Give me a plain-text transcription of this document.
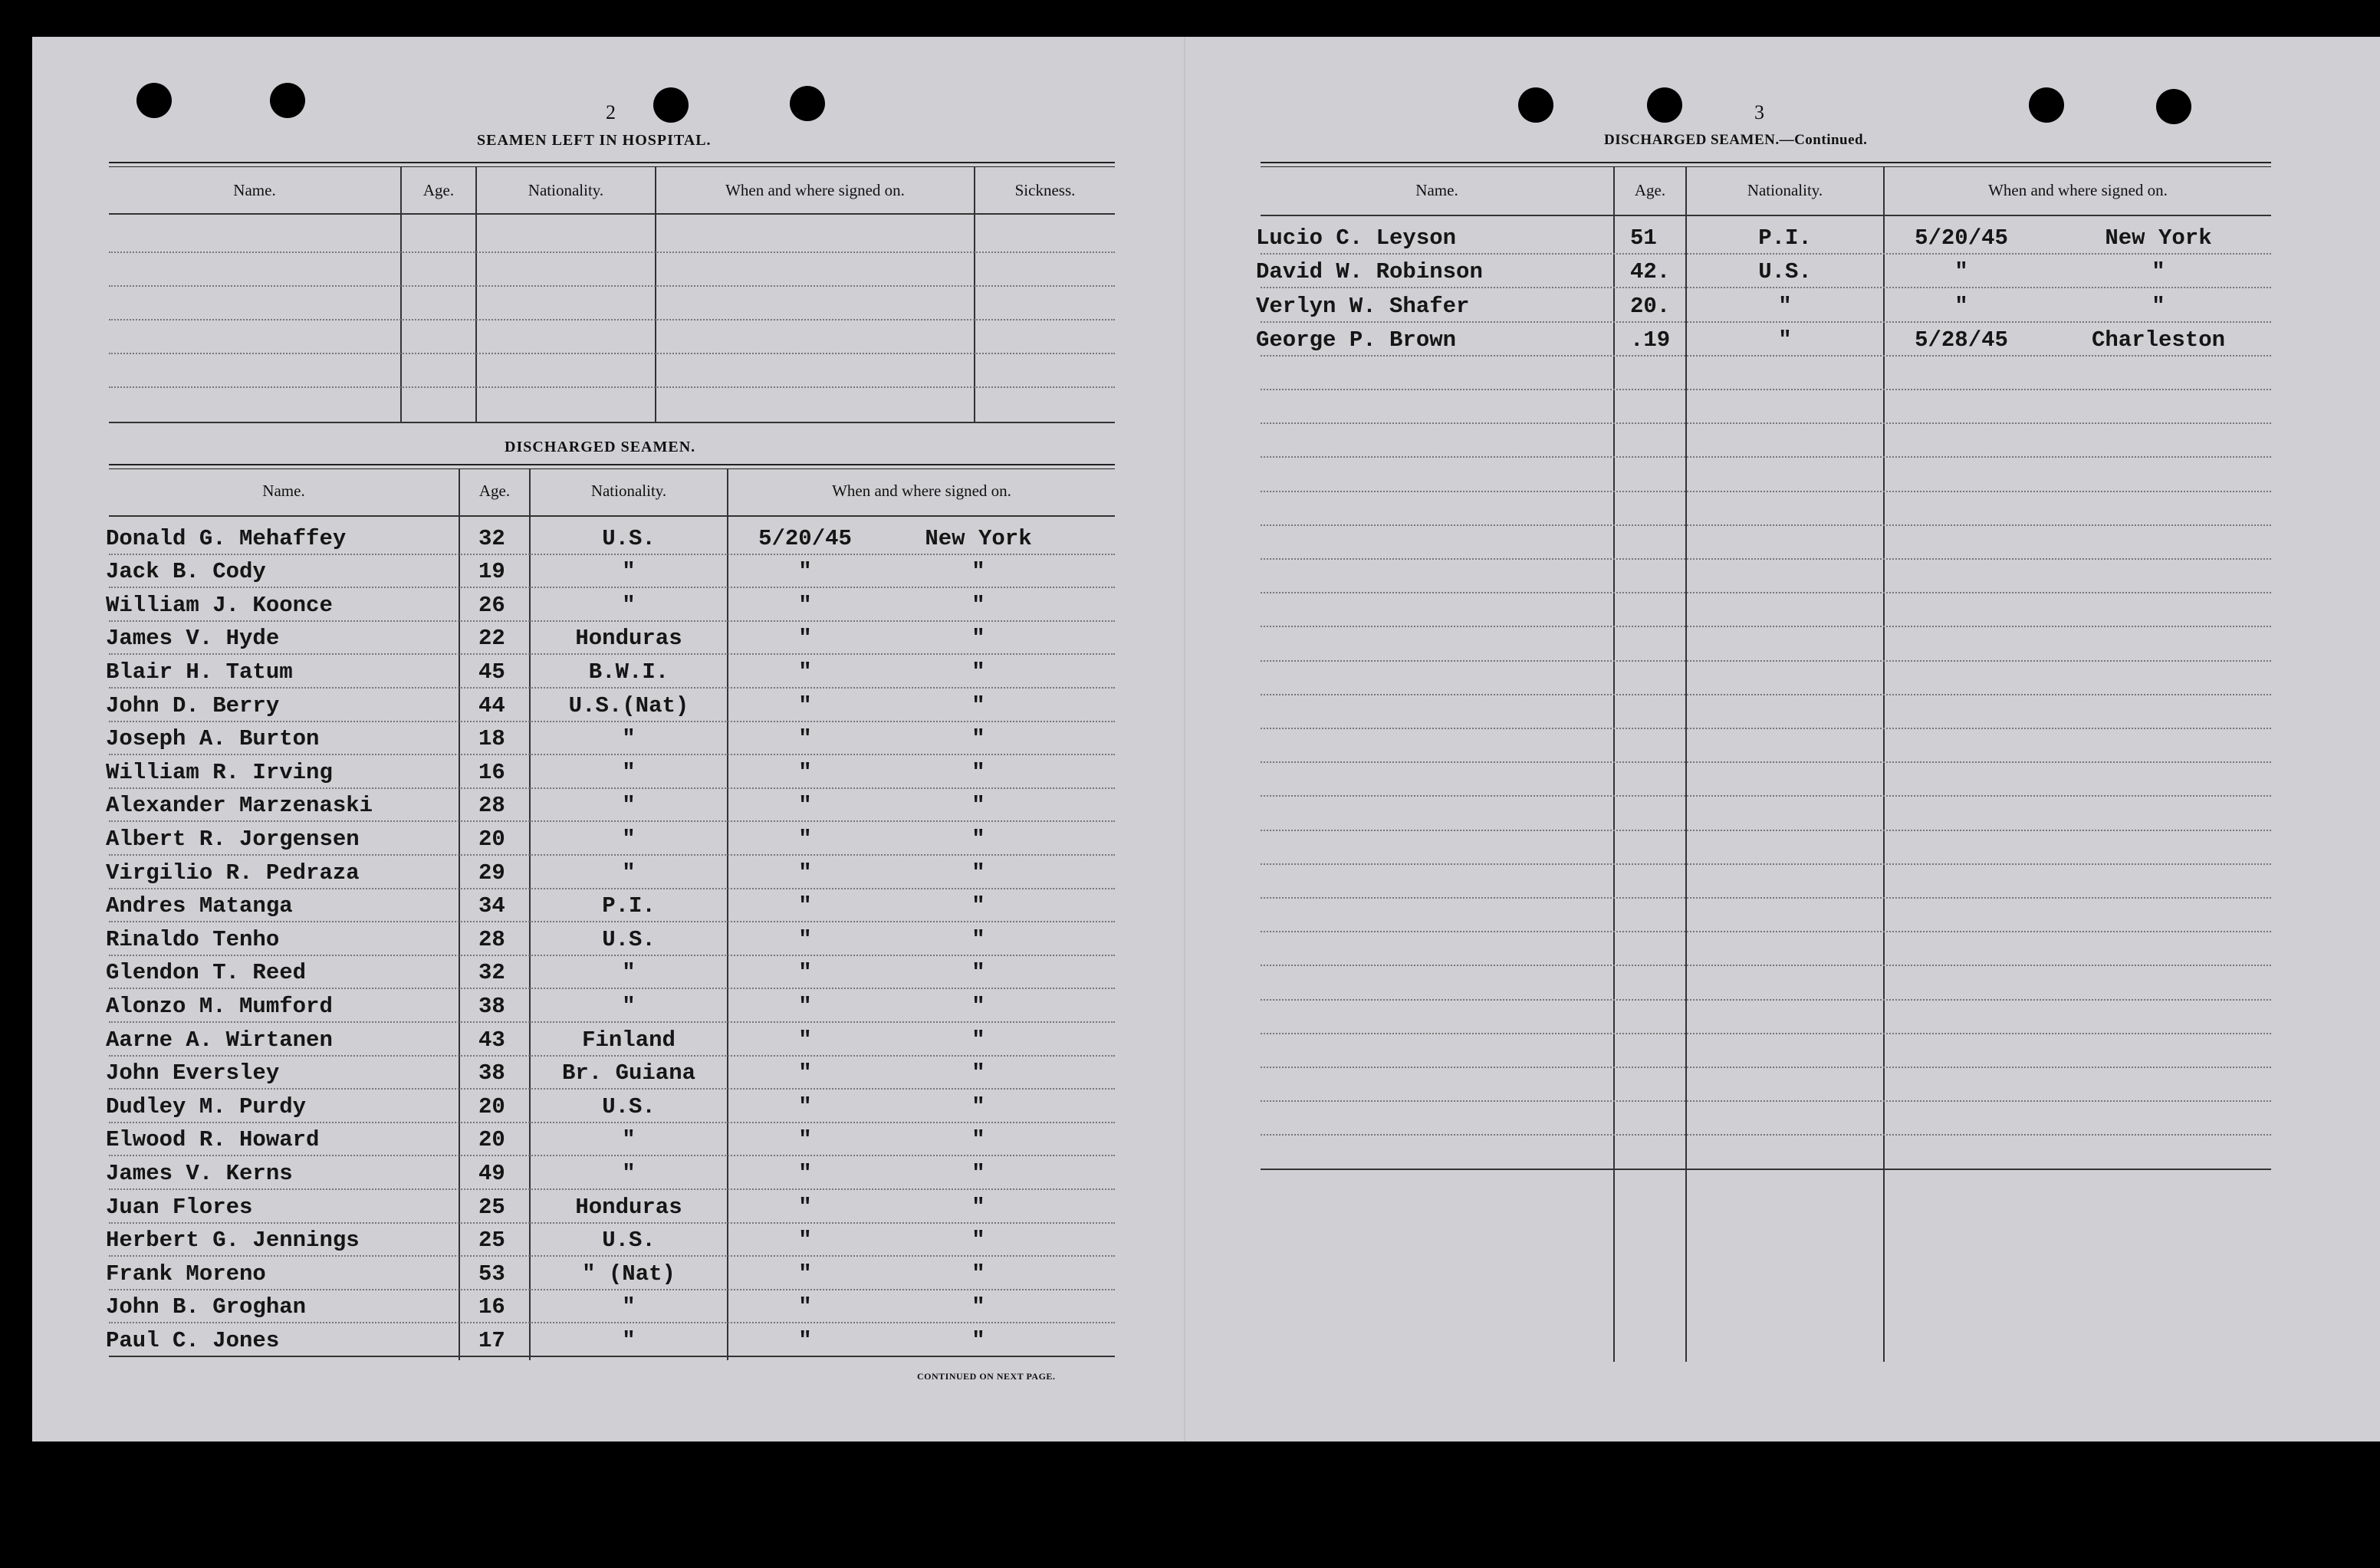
2
SEAMEN LEFT IN HOSPITAL.
Name.	Age.	Nationality.	When and where signed on.	Sickness.
DISCHARGED SEAMEN.
Name.	Age.	Nationality.	When and where signed on.
Donald G. Mehaffey	32	U.S.	5/20/45	New York
Jack B. Cody	19	"	"	"
William J. Koonce	26	"	"	"
James V. Hyde	22	Honduras	"	"
Blair H. Tatum	45	B.W.I.	"	"
John D. Berry	44	U.S.(Nat)	"	"
Joseph A. Burton	18	"	"	"
William R. Irving	16	"	"	"
Alexander Marzenaski	28	"	"	"
Albert R. Jorgensen	20	"	"	"
Virgilio R. Pedraza	29	"	"	"
Andres Matanga	34	P.I.	"	"
Rinaldo Tenho	28	U.S.	"	"
Glendon T. Reed	32	"	"	"
Alonzo M. Mumford	38	"	"	"
Aarne A. Wirtanen	43	Finland	"	"
John Eversley	38	Br. Guiana	"	"
Dudley M. Purdy	20	U.S.	"	"
Elwood R. Howard	20	"	"	"
James V. Kerns	49	"	"	"
Juan Flores	25	Honduras	"	"
Herbert G. Jennings	25	U.S.	"	"
Frank Moreno	53	" (Nat)	"	"
John B. Groghan	16	"	"	"
Paul C. Jones	17	"	"	"
CONTINUED ON NEXT PAGE.
3
DISCHARGED SEAMEN.—Continued.
Name.	Age.	Nationality.	When and where signed on.
Lucio C. Leyson	51	P.I.	5/20/45	New York
David W. Robinson	42.	U.S.	"	"
Verlyn W. Shafer	20.	"	"	"
George P. Brown	.19	"	5/28/45	Charleston
